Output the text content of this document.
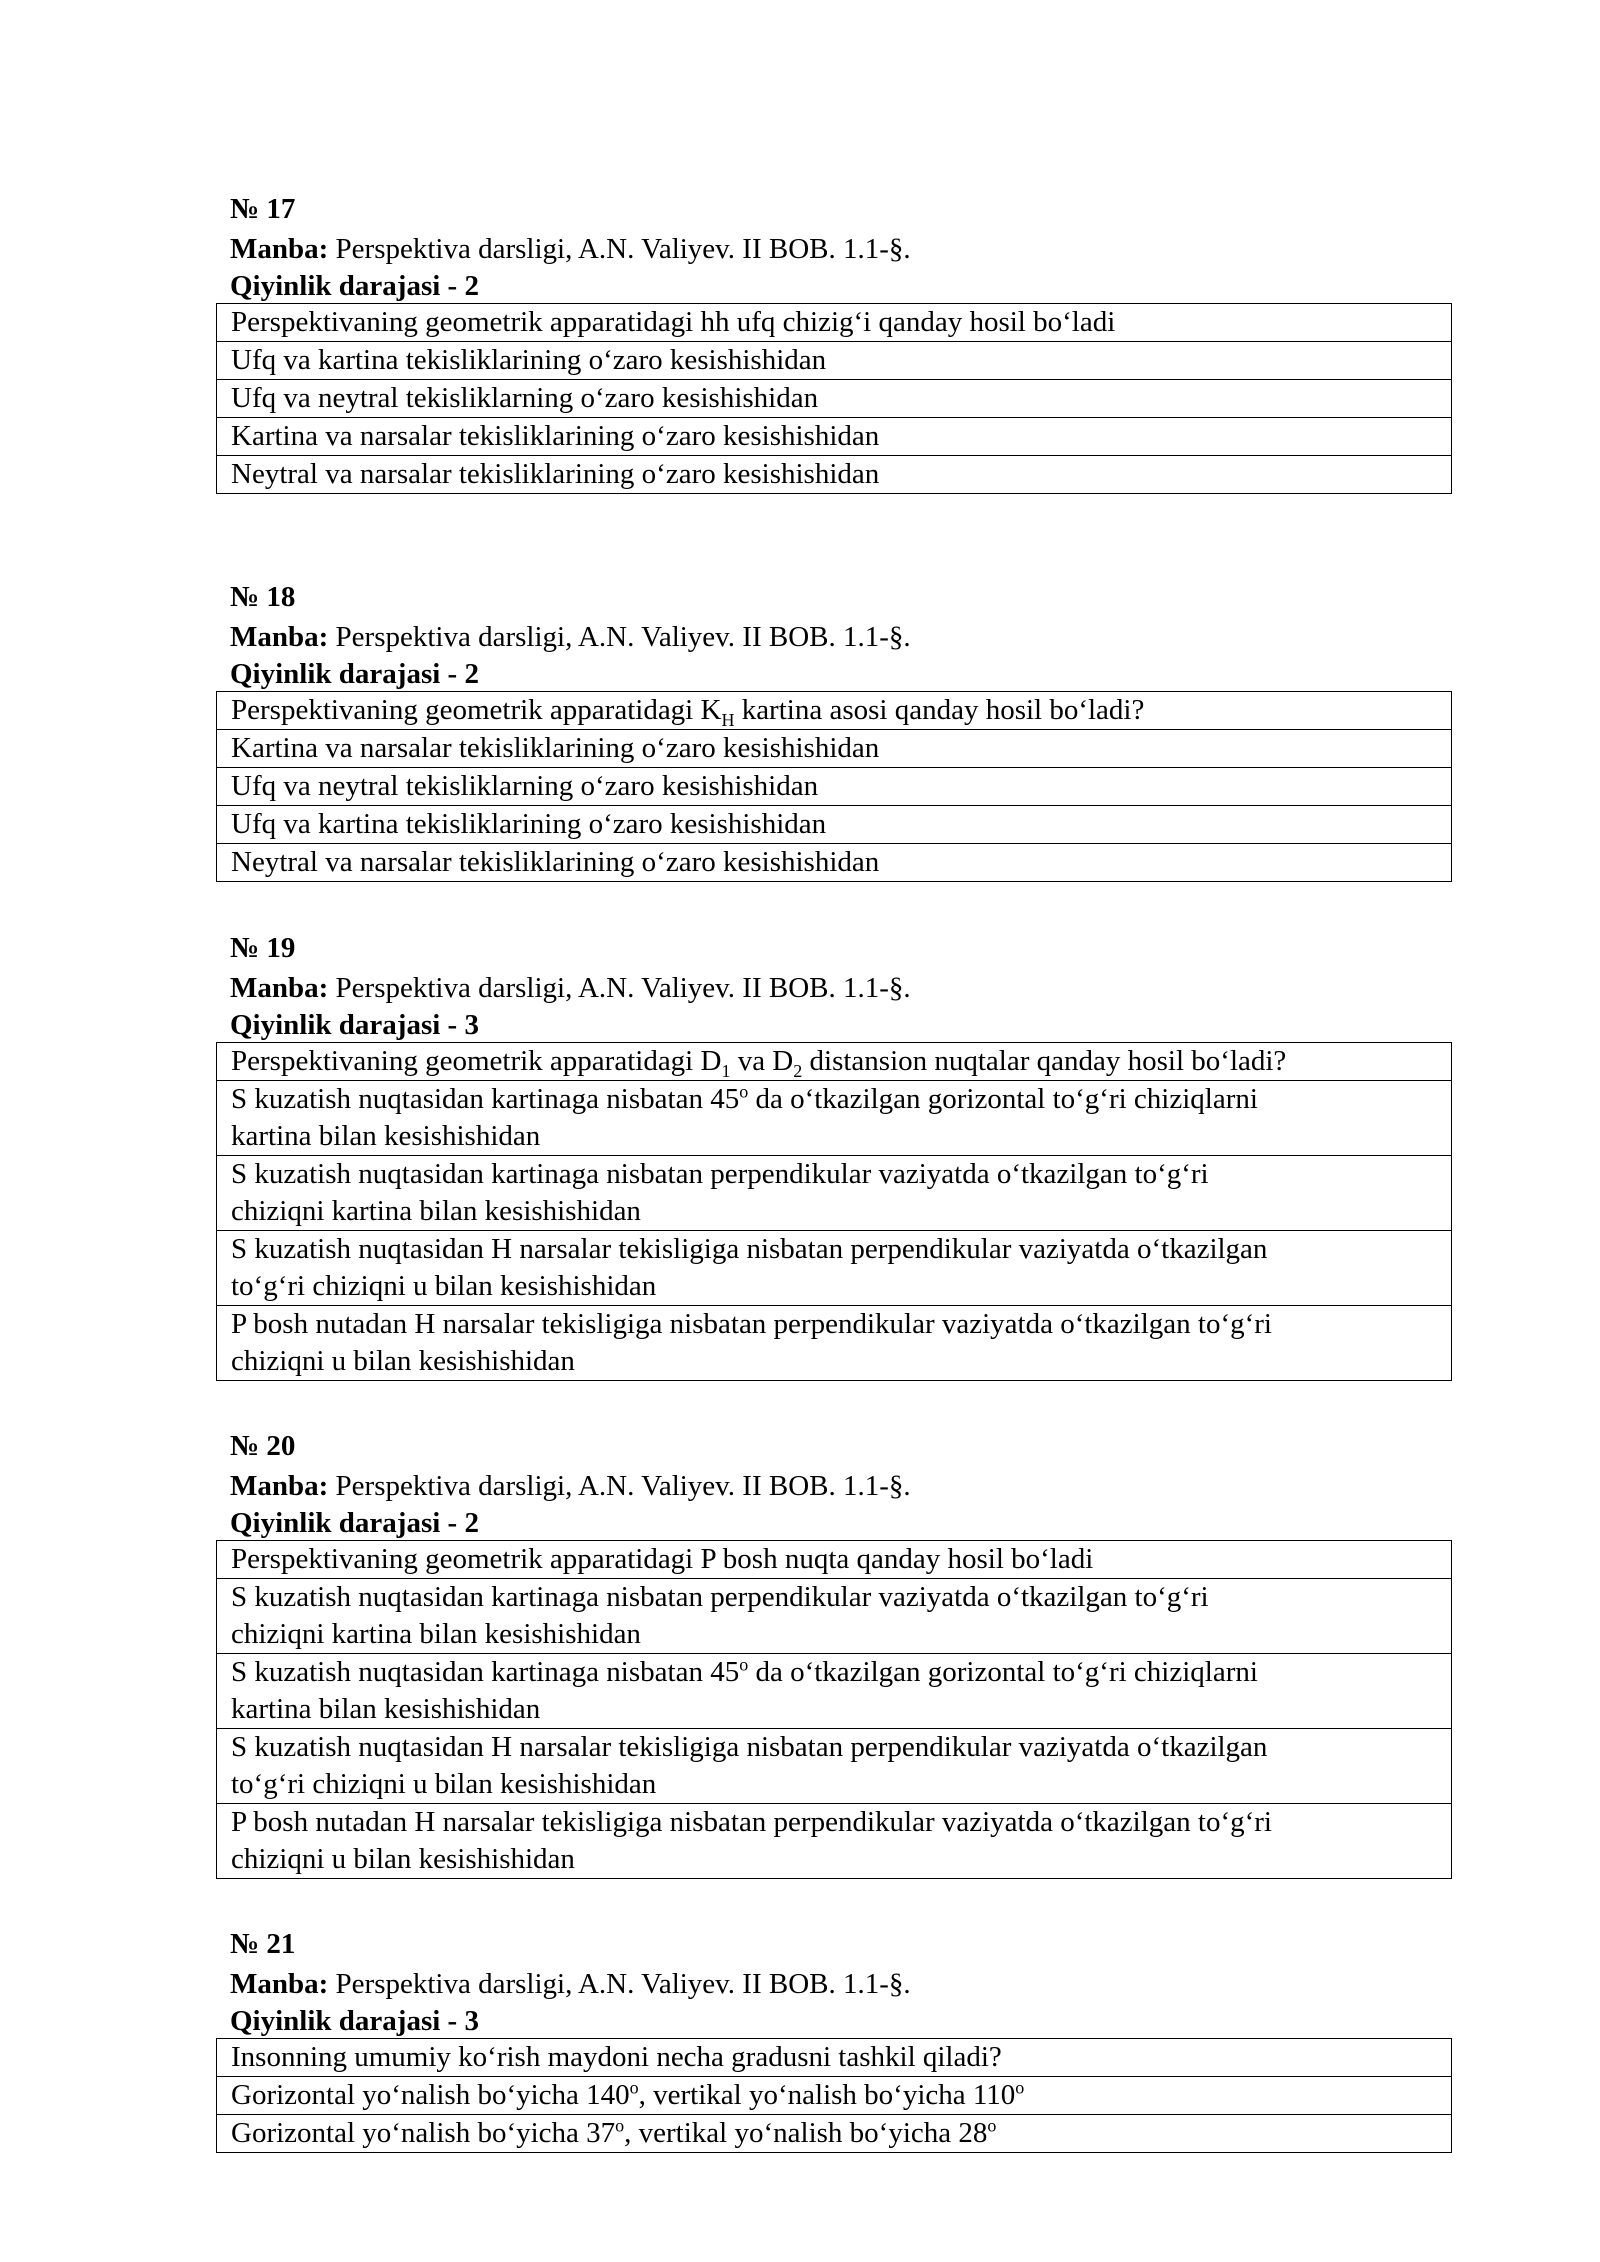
№ 17
Manba: Perspektiva darsligi, A.N. Valiyev. II BOB. 1.1-§.
Qiyinlik darajasi - 2
Perspektivaning geometrik apparatidagi hh ufq chizig‘i qanday hosil bo‘ladi
Ufq va kartina tekisliklarining o‘zaro kesishishidan
Ufq va neytral tekisliklarning o‘zaro kesishishidan
Kartina va narsalar tekisliklarining o‘zaro kesishishidan
Neytral va narsalar tekisliklarining o‘zaro kesishishidan
№ 18
Manba: Perspektiva darsligi, A.N. Valiyev. II BOB. 1.1-§.
Qiyinlik darajasi - 2
Perspektivaning geometrik apparatidagi $K_H$ kartina asosi qanday hosil bo‘ladi?
Kartina va narsalar tekisliklarining o‘zaro kesishishidan
Ufq va neytral tekisliklarning o‘zaro kesishishidan
Ufq va kartina tekisliklarining o‘zaro kesishishidan
Neytral va narsalar tekisliklarining o‘zaro kesishishidan
№ 19
Manba: Perspektiva darsligi, A.N. Valiyev. II BOB. 1.1-§.
Qiyinlik darajasi - 3
Perspektivaning geometrik apparatidagi $D_1$ va $D_2$ distansion nuqtalar qanday hosil bo‘ladi?
S kuzatish nuqtasidan kartinaga nisbatan 45$^o$ da o‘tkazilgan gorizontal to‘g‘ri chiziqlarni
kartina bilan kesishishidan
S kuzatish nuqtasidan kartinaga nisbatan perpendikular vaziyatda o‘tkazilgan to‘g‘ri
chiziqni kartina bilan kesishishidan
S kuzatish nuqtasidan H narsalar tekisligiga nisbatan perpendikular vaziyatda o‘tkazilgan
to‘g‘ri chiziqni u bilan kesishishidan
P bosh nutadan H narsalar tekisligiga nisbatan perpendikular vaziyatda o‘tkazilgan to‘g‘ri
chiziqni u bilan kesishishidan
№ 20
Manba: Perspektiva darsligi, A.N. Valiyev. II BOB. 1.1-§.
Qiyinlik darajasi - 2
Perspektivaning geometrik apparatidagi P bosh nuqta qanday hosil bo‘ladi
S kuzatish nuqtasidan kartinaga nisbatan perpendikular vaziyatda o‘tkazilgan to‘g‘ri
chiziqni kartina bilan kesishishidan
S kuzatish nuqtasidan kartinaga nisbatan 45$^o$ da o‘tkazilgan gorizontal to‘g‘ri chiziqlarni
kartina bilan kesishishidan
S kuzatish nuqtasidan H narsalar tekisligiga nisbatan perpendikular vaziyatda o‘tkazilgan
to‘g‘ri chiziqni u bilan kesishishidan
P bosh nutadan H narsalar tekisligiga nisbatan perpendikular vaziyatda o‘tkazilgan to‘g‘ri
chiziqni u bilan kesishishidan
№ 21
Manba: Perspektiva darsligi, A.N. Valiyev. II BOB. 1.1-§.
Qiyinlik darajasi - 3
Insonning umumiy ko‘rish maydoni necha gradusni tashkil qiladi?
Gorizontal yo‘nalish bo‘yicha 140$^o$, vertikal yo‘nalish bo‘yicha 110$^o$
Gorizontal yo‘nalish bo‘yicha 37$^o$, vertikal yo‘nalish bo‘yicha 28$^o$
